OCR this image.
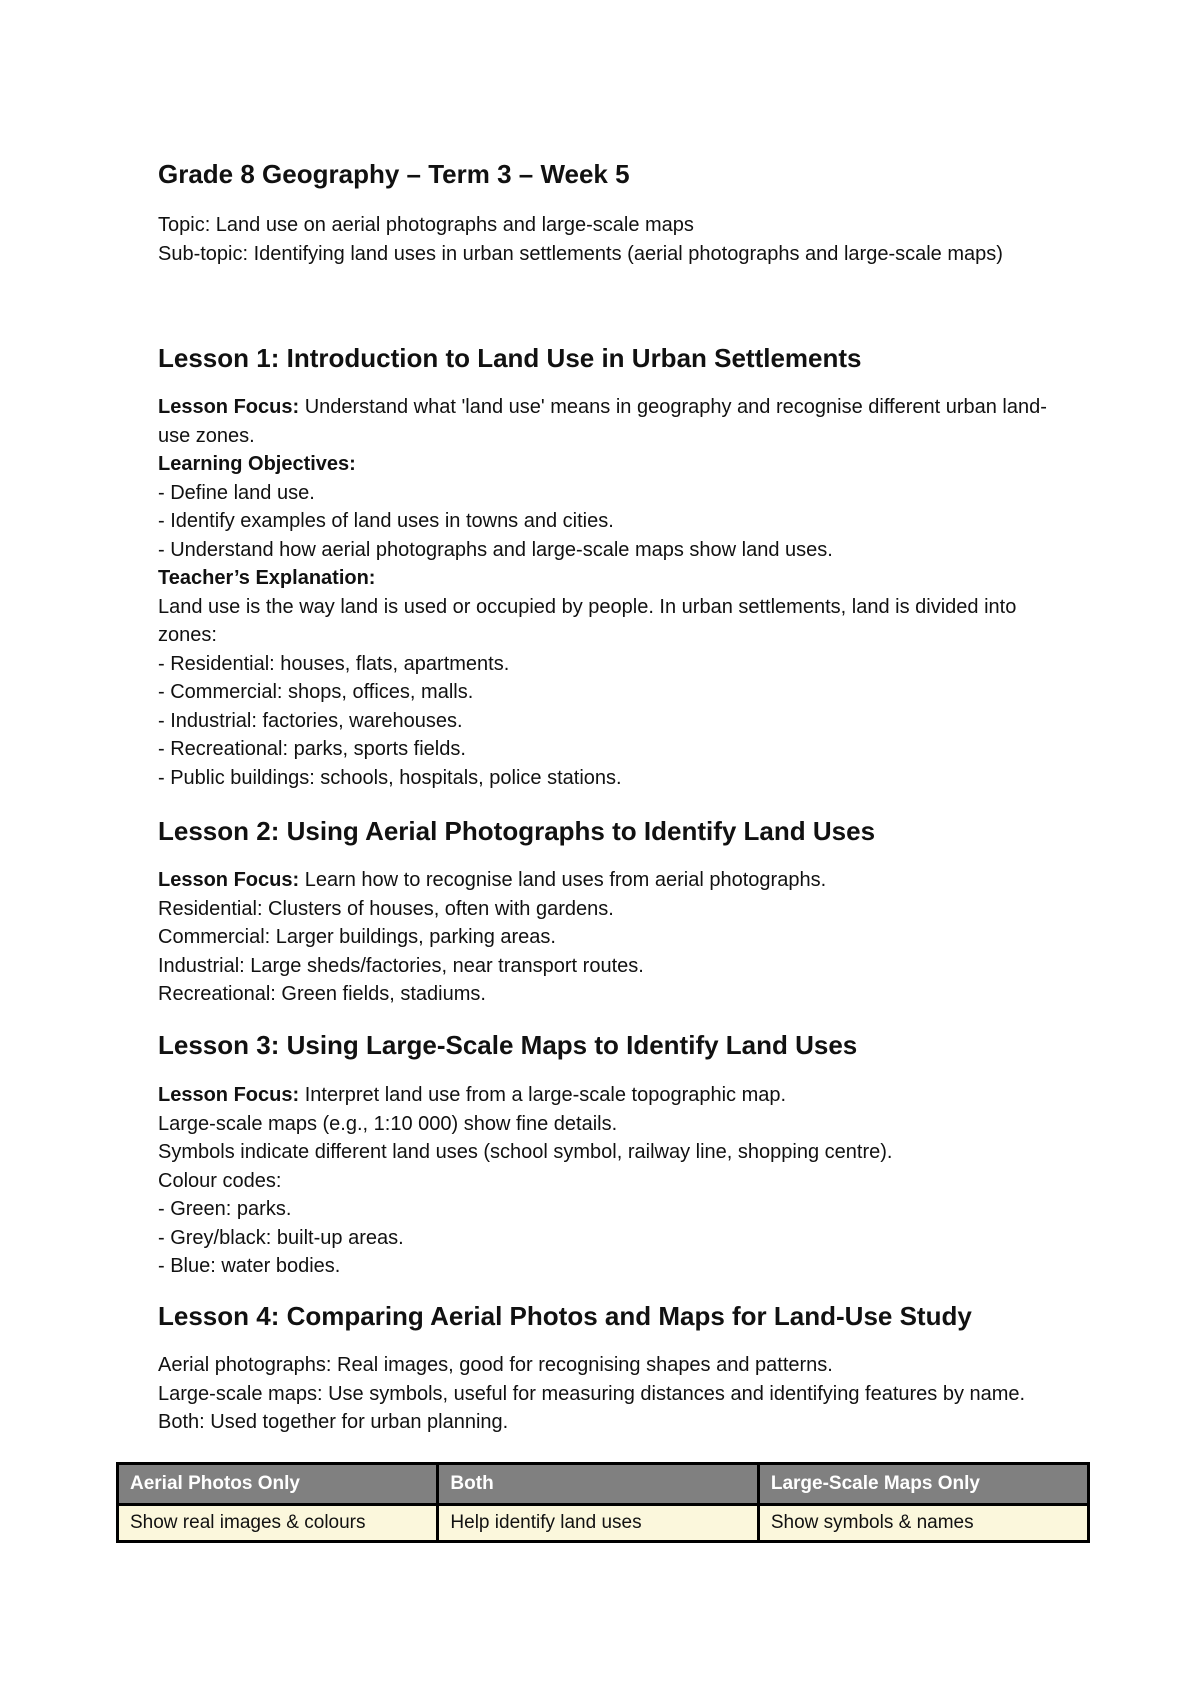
Grade 8 Geography – Term 3 – Week 5

Topic: Land use on aerial photographs and large-scale maps

Sub-topic: Identifying land uses in urban settlements (aerial photographs and large-scale maps)

Lesson 1: Introduction to Land Use in Urban Settlements

Lesson Focus: Understand what 'land use' means in geography and recognise different urban land-use zones.

Learning Objectives:

- Define land use.

- Identify examples of land uses in towns and cities.

- Understand how aerial photographs and large-scale maps show land uses.

Teacher’s Explanation:

Land use is the way land is used or occupied by people. In urban settlements, land is divided into zones:

- Residential: houses, flats, apartments.

- Commercial: shops, offices, malls.

- Industrial: factories, warehouses.

- Recreational: parks, sports fields.

- Public buildings: schools, hospitals, police stations.

Lesson 2: Using Aerial Photographs to Identify Land Uses

Lesson Focus: Learn how to recognise land uses from aerial photographs.

Residential: Clusters of houses, often with gardens.

Commercial: Larger buildings, parking areas.

Industrial: Large sheds/factories, near transport routes.

Recreational: Green fields, stadiums.

Lesson 3: Using Large-Scale Maps to Identify Land Uses

Lesson Focus: Interpret land use from a large-scale topographic map.

Large-scale maps (e.g., 1:10 000) show fine details.

Symbols indicate different land uses (school symbol, railway line, shopping centre).

Colour codes:

- Green: parks.

- Grey/black: built-up areas.

- Blue: water bodies.

Lesson 4: Comparing Aerial Photos and Maps for Land-Use Study

Aerial photographs: Real images, good for recognising shapes and patterns.

Large-scale maps: Use symbols, useful for measuring distances and identifying features by name.

Both: Used together for urban planning.

Aerial Photos Only	Both	Large-Scale Maps Only
Show real images & colours	Help identify land uses	Show symbols & names
